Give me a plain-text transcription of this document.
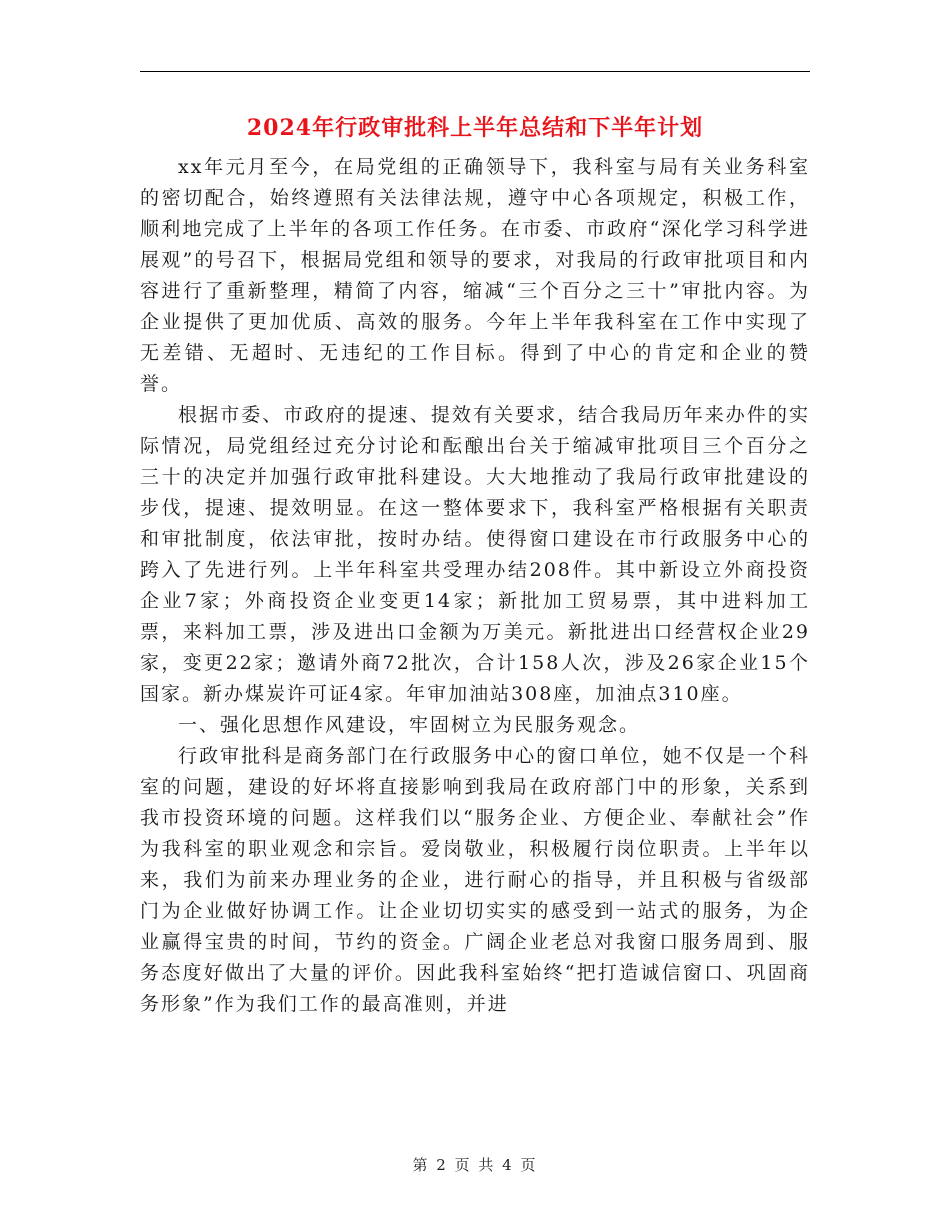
2024年行政审批科上半年总结和下半年计划

xx年元月至今，在局党组的正确领导下，我科室与局有关业务科室的密切配合，始终遵照有关法律法规，遵守中心各项规定，积极工作，顺利地完成了上半年的各项工作任务。在市委、市政府“深化学习科学进展观”的号召下，根据局党组和领导的要求，对我局的行政审批项目和内容进行了重新整理，精简了内容，缩减“三个百分之三十”审批内容。为企业提供了更加优质、高效的服务。今年上半年我科室在工作中实现了无差错、无超时、无违纪的工作目标。得到了中心的肯定和企业的赞誉。

根据市委、市政府的提速、提效有关要求，结合我局历年来办件的实际情况，局党组经过充分讨论和酝酿出台关于缩减审批项目三个百分之三十的决定并加强行政审批科建设。大大地推动了我局行政审批建设的步伐，提速、提效明显。在这一整体要求下，我科室严格根据有关职责和审批制度，依法审批，按时办结。使得窗口建设在市行政服务中心的跨入了先进行列。上半年科室共受理办结208件。其中新设立外商投资企业7家；外商投资企业变更14家；新批加工贸易票，其中进料加工票，来料加工票，涉及进出口金额为万美元。新批进出口经营权企业29家，变更22家；邀请外商72批次，合计158人次，涉及26家企业15个国家。新办煤炭许可证4家。年审加油站308座，加油点310座。

一、强化思想作风建设，牢固树立为民服务观念。

行政审批科是商务部门在行政服务中心的窗口单位，她不仅是一个科室的问题，建设的好坏将直接影响到我局在政府部门中的形象，关系到我市投资环境的问题。这样我们以“服务企业、方便企业、奉献社会”作为我科室的职业观念和宗旨。爱岗敬业，积极履行岗位职责。上半年以来，我们为前来办理业务的企业，进行耐心的指导，并且积极与省级部门为企业做好协调工作。让企业切切实实的感受到一站式的服务，为企业赢得宝贵的时间，节约的资金。广阔企业老总对我窗口服务周到、服务态度好做出了大量的评价。因此我科室始终“把打造诚信窗口、巩固商务形象”作为我们工作的最高准则，并进

第 2 页 共 4 页
